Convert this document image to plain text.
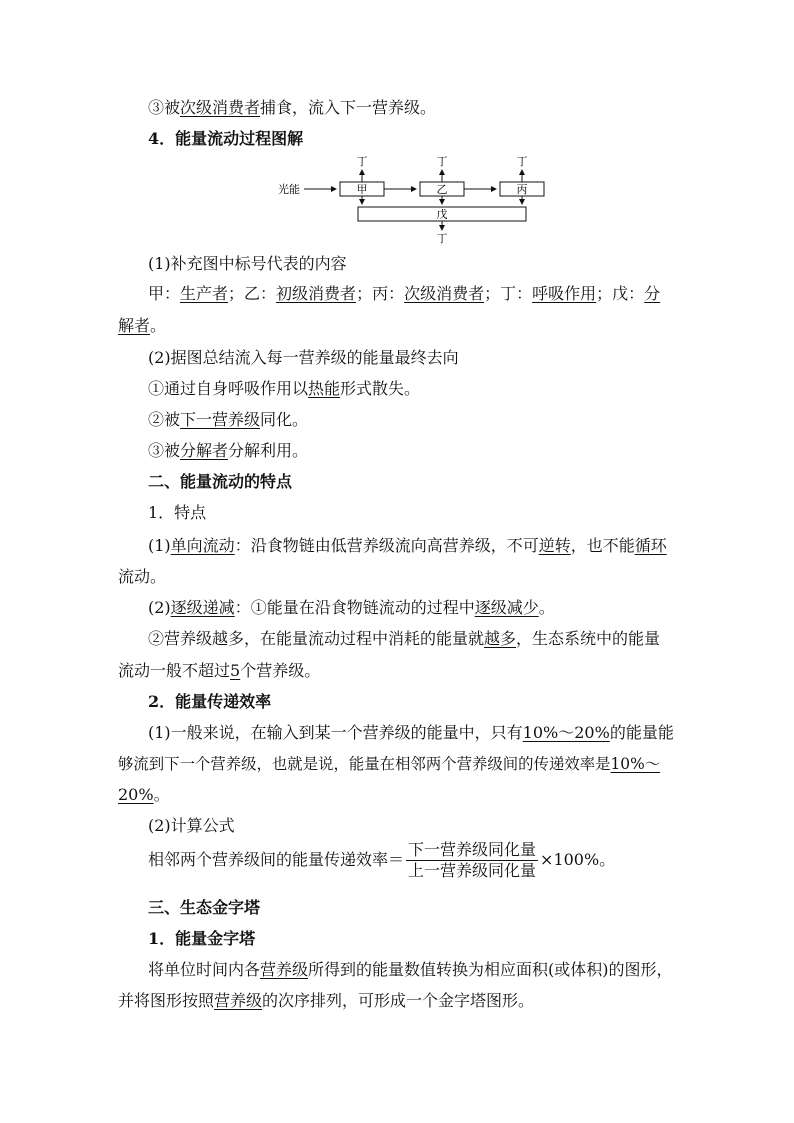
③被次级消费者捕食，流入下一营养级。
4．能量流动过程图解
光能	甲	乙	丙
丁	丁	丁
戊
丁
(1)补充图中标号代表的内容
甲：生产者；乙：初级消费者；丙：次级消费者；丁：呼吸作用；戊：分
解者。
(2)据图总结流入每一营养级的能量最终去向
①通过自身呼吸作用以热能形式散失。
②被下一营养级同化。
③被分解者分解利用。
二、能量流动的特点
1．特点
(1)单向流动：沿食物链由低营养级流向高营养级，不可逆转，也不能循环
流动。
(2)逐级递减：①能量在沿食物链流动的过程中逐级减少。
②营养级越多，在能量流动过程中消耗的能量就越多，生态系统中的能量
流动一般不超过5个营养级。
2．能量传递效率
(1)一般来说，在输入到某一个营养级的能量中，只有10%～20%的能量能
够流到下一个营养级，也就是说，能量在相邻两个营养级间的传递效率是10%～
20%。
(2)计算公式
相邻两个营养级间的能量传递效率＝ $\frac{\text{下一营养级同化量}}{\text{上一营养级同化量}} \times 100\%$。
三、生态金字塔
1．能量金字塔
将单位时间内各营养级所得到的能量数值转换为相应面积(或体积)的图形，
并将图形按照营养级的次序排列，可形成一个金字塔图形。
